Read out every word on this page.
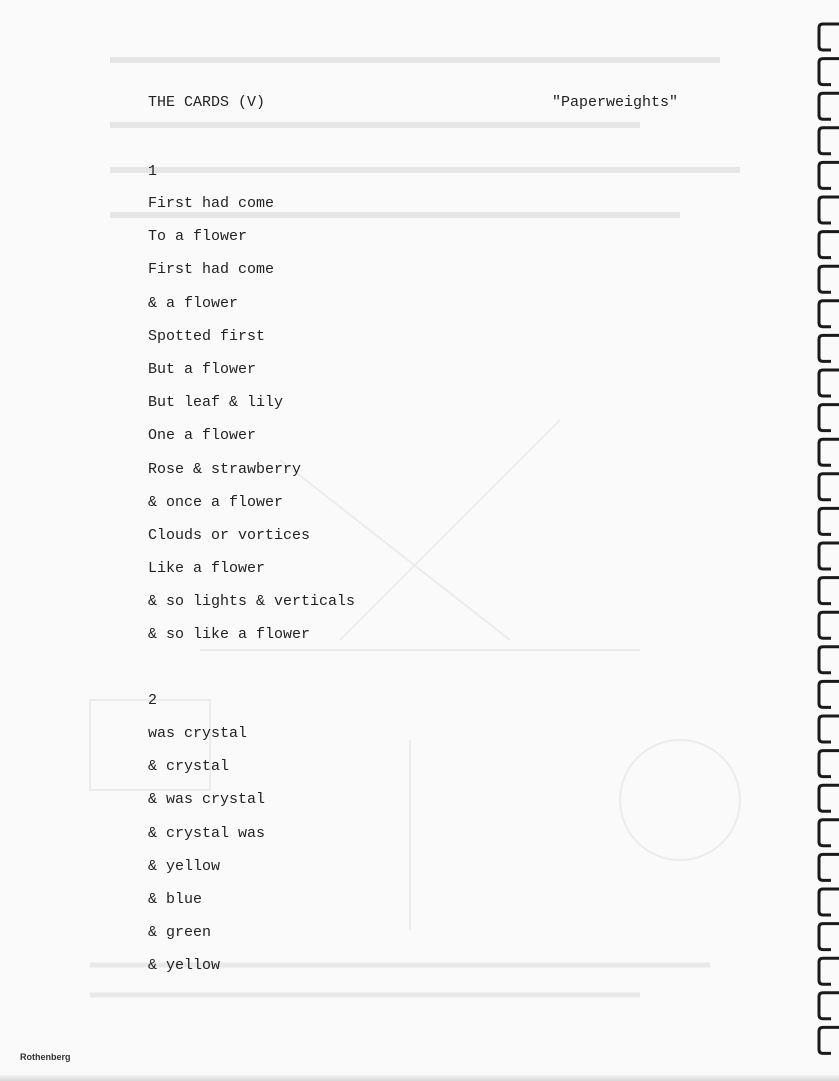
THE CARDS (V)	"Paperweights"
1
First had come
To a flower
First had come
& a flower
Spotted first
But a flower
But leaf & lily
One a flower
Rose & strawberry
& once a flower
Clouds or vortices
Like a flower
& so lights & verticals
& so like a flower
2
was crystal
& crystal
& was crystal
& crystal was
& yellow
& blue
& green
& yellow
Rothenberg
